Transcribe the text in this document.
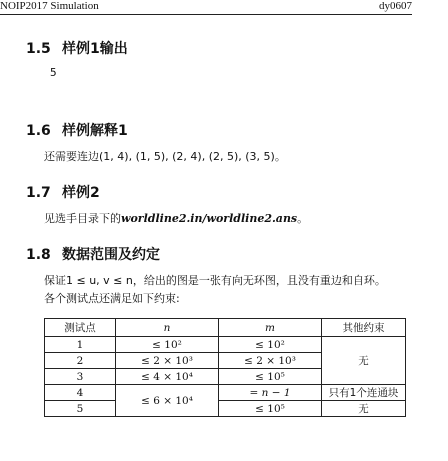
NOIP2017 Simulation	dy0607
1.5 样例1输出
5
1.6 样例解释1
还需要连边(1, 4), (1, 5), (2, 4), (2, 5), (3, 5)。
1.7 样例2
见选手目录下的worldline2.in/worldline2.ans。
1.8 数据范围及约定
保证1 ≤ u, v ≤ n，给出的图是一张有向无环图，且没有重边和自环。
各个测试点还满足如下约束:
测试点	n	m	其他约束
1	≤ 10²	≤ 10²	无
2	≤ 2 × 10³	≤ 2 × 10³	
3	≤ 4 × 10⁴	≤ 10⁵	
4	≤ 6 × 10⁴	= n − 1	只有1个连通块
5		≤ 10⁵	无
